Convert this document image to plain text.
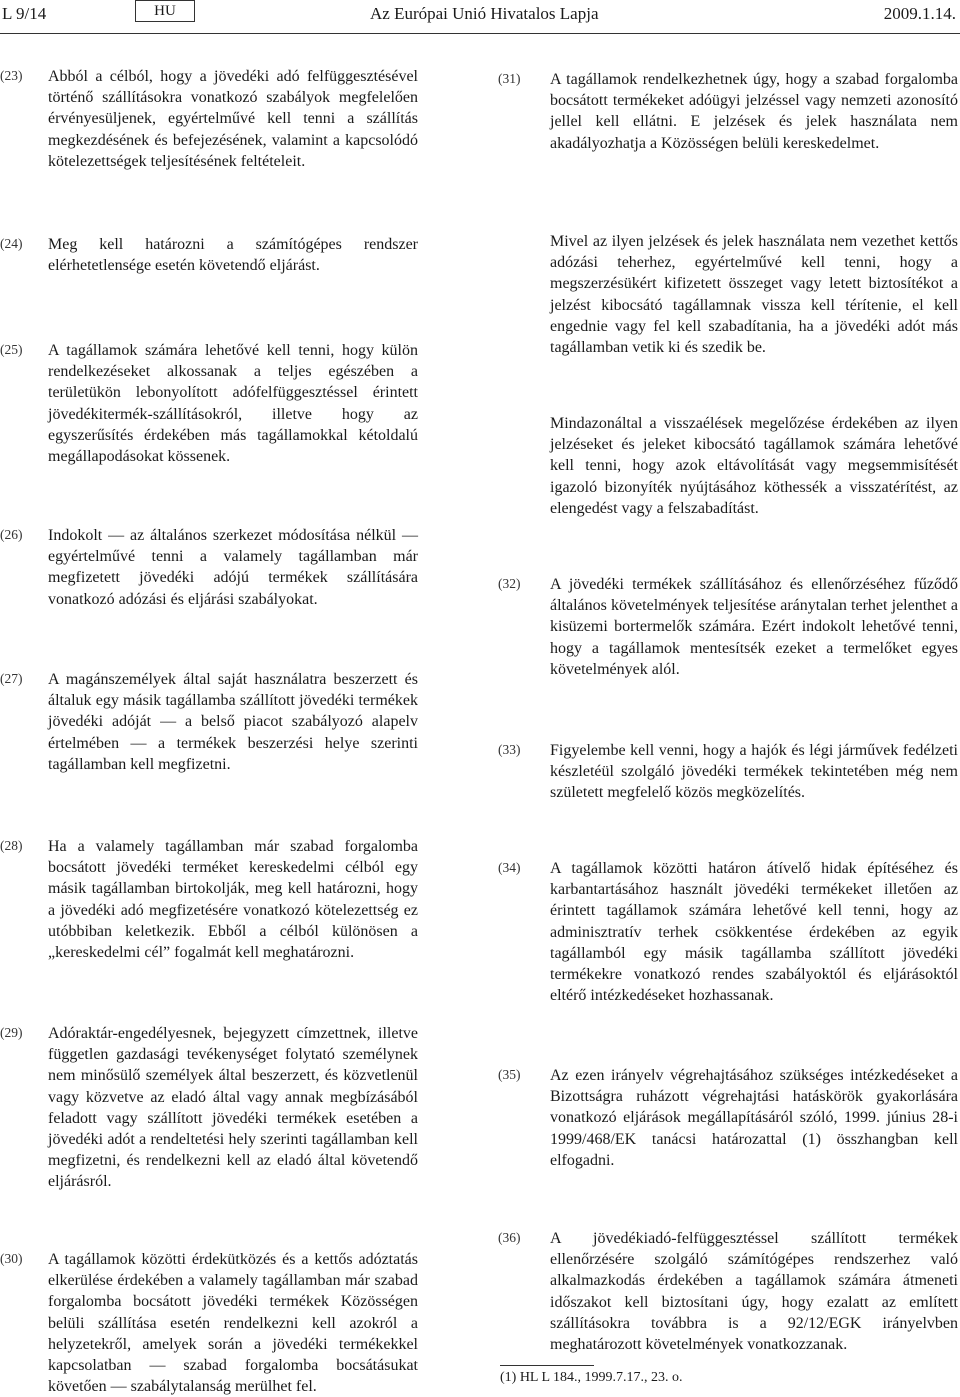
L 9/14	HU	Az Európai Unió Hivatalos Lapja	2009.1.14.
(23) Abból a célból, hogy a jövedéki adó felfüggesztésével történő szállításokra vonatkozó szabályok megfelelően érvényesüljenek, egyértelművé kell tenni a szállítás megkezdésének és befejezésének, valamint a kapcsolódó kötelezettségek teljesítésének feltételeit.
(24) Meg kell határozni a számítógépes rendszer elérhetetlensége esetén követendő eljárást.
(25) A tagállamok számára lehetővé kell tenni, hogy külön rendelkezéseket alkossanak a teljes egészében a területükön lebonyolított adófelfüggesztéssel érintett jövedékitermék-szállításokról, illetve hogy az egyszerűsítés érdekében más tagállamokkal kétoldalú megállapodásokat kössenek.
(26) Indokolt — az általános szerkezet módosítása nélkül — egyértelművé tenni a valamely tagállamban már megfizetett jövedéki adójú termékek szállítására vonatkozó adózási és eljárási szabályokat.
(27) A magánszemélyek által saját használatra beszerzett és általuk egy másik tagállamba szállított jövedéki termékek jövedéki adóját — a belső piacot szabályozó alapelv értelmében — a termékek beszerzési helye szerinti tagállamban kell megfizetni.
(28) Ha a valamely tagállamban már szabad forgalomba bocsátott jövedéki terméket kereskedelmi célból egy másik tagállamban birtokolják, meg kell határozni, hogy a jövedéki adó megfizetésére vonatkozó kötelezettség ez utóbbiban keletkezik. Ebből a célból különösen a „kereskedelmi cél” fogalmát kell meghatározni.
(29) Adóraktár-engedélyesnek, bejegyzett címzettnek, illetve független gazdasági tevékenységet folytató személynek nem minősülő személyek által beszerzett, és közvetlenül vagy közvetve az eladó által vagy annak megbízásából feladott vagy szállított jövedéki termékek esetében a jövedéki adót a rendeltetési hely szerinti tagállamban kell megfizetni, és rendelkezni kell az eladó által követendő eljárásról.
(30) A tagállamok közötti érdekütközés és a kettős adóztatás elkerülése érdekében a valamely tagállamban már szabad forgalomba bocsátott jövedéki termékek Közösségen belüli szállítása esetén rendelkezni kell azokról a helyzetekről, amelyek során a jövedéki termékekkel kapcsolatban — szabad forgalomba bocsátásukat követően — szabálytalanság merülhet fel.
(31) A tagállamok rendelkezhetnek úgy, hogy a szabad forgalomba bocsátott termékeket adóügyi jelzéssel vagy nemzeti azonosító jellel kell ellátni. E jelzések és jelek használata nem akadályozhatja a Közösségen belüli kereskedelmet.
Mivel az ilyen jelzések és jelek használata nem vezethet kettős adózási teherhez, egyértelművé kell tenni, hogy a megszerzésükért kifizetett összeget vagy letett biztosítékot a jelzést kibocsátó tagállamnak vissza kell térítenie, el kell engednie vagy fel kell szabadítania, ha a jövedéki adót más tagállamban vetik ki és szedik be.
Mindazonáltal a visszaélések megelőzése érdekében az ilyen jelzéseket és jeleket kibocsátó tagállamok számára lehetővé kell tenni, hogy azok eltávolítását vagy megsemmisítését igazoló bizonyíték nyújtásához köthessék a visszatérítést, az elengedést vagy a felszabadítást.
(32) A jövedéki termékek szállításához és ellenőrzéséhez fűződő általános követelmények teljesítése aránytalan terhet jelenthet a kisüzemi bortermelők számára. Ezért indokolt lehetővé tenni, hogy a tagállamok mentesítsék ezeket a termelőket egyes követelmények alól.
(33) Figyelembe kell venni, hogy a hajók és légi járművek fedélzeti készletéül szolgáló jövedéki termékek tekintetében még nem született megfelelő közös megközelítés.
(34) A tagállamok közötti határon átívelő hidak építéséhez és karbantartásához használt jövedéki termékeket illetően az érintett tagállamok számára lehetővé kell tenni, hogy az adminisztratív terhek csökkentése érdekében az egyik tagállamból egy másik tagállamba szállított jövedéki termékekre vonatkozó rendes szabályoktól és eljárásoktól eltérő intézkedéseket hozhassanak.
(35) Az ezen irányelv végrehajtásához szükséges intézkedéseket a Bizottságra ruházott végrehajtási hatáskörök gyakorlására vonatkozó eljárások megállapításáról szóló, 1999. június 28-i 1999/468/EK tanácsi határozattal (1) összhangban kell elfogadni.
(36) A jövedékiadó-felfüggesztéssel szállított termékek ellenőrzésére szolgáló számítógépes rendszerhez való alkalmazkodás érdekében a tagállamok számára átmeneti időszakot kell biztosítani úgy, hogy ezalatt az említett szállításokra továbbra is a 92/12/EGK irányelvben meghatározott követelmények vonatkozzanak.
(1) HL L 184., 1999.7.17., 23. o.
